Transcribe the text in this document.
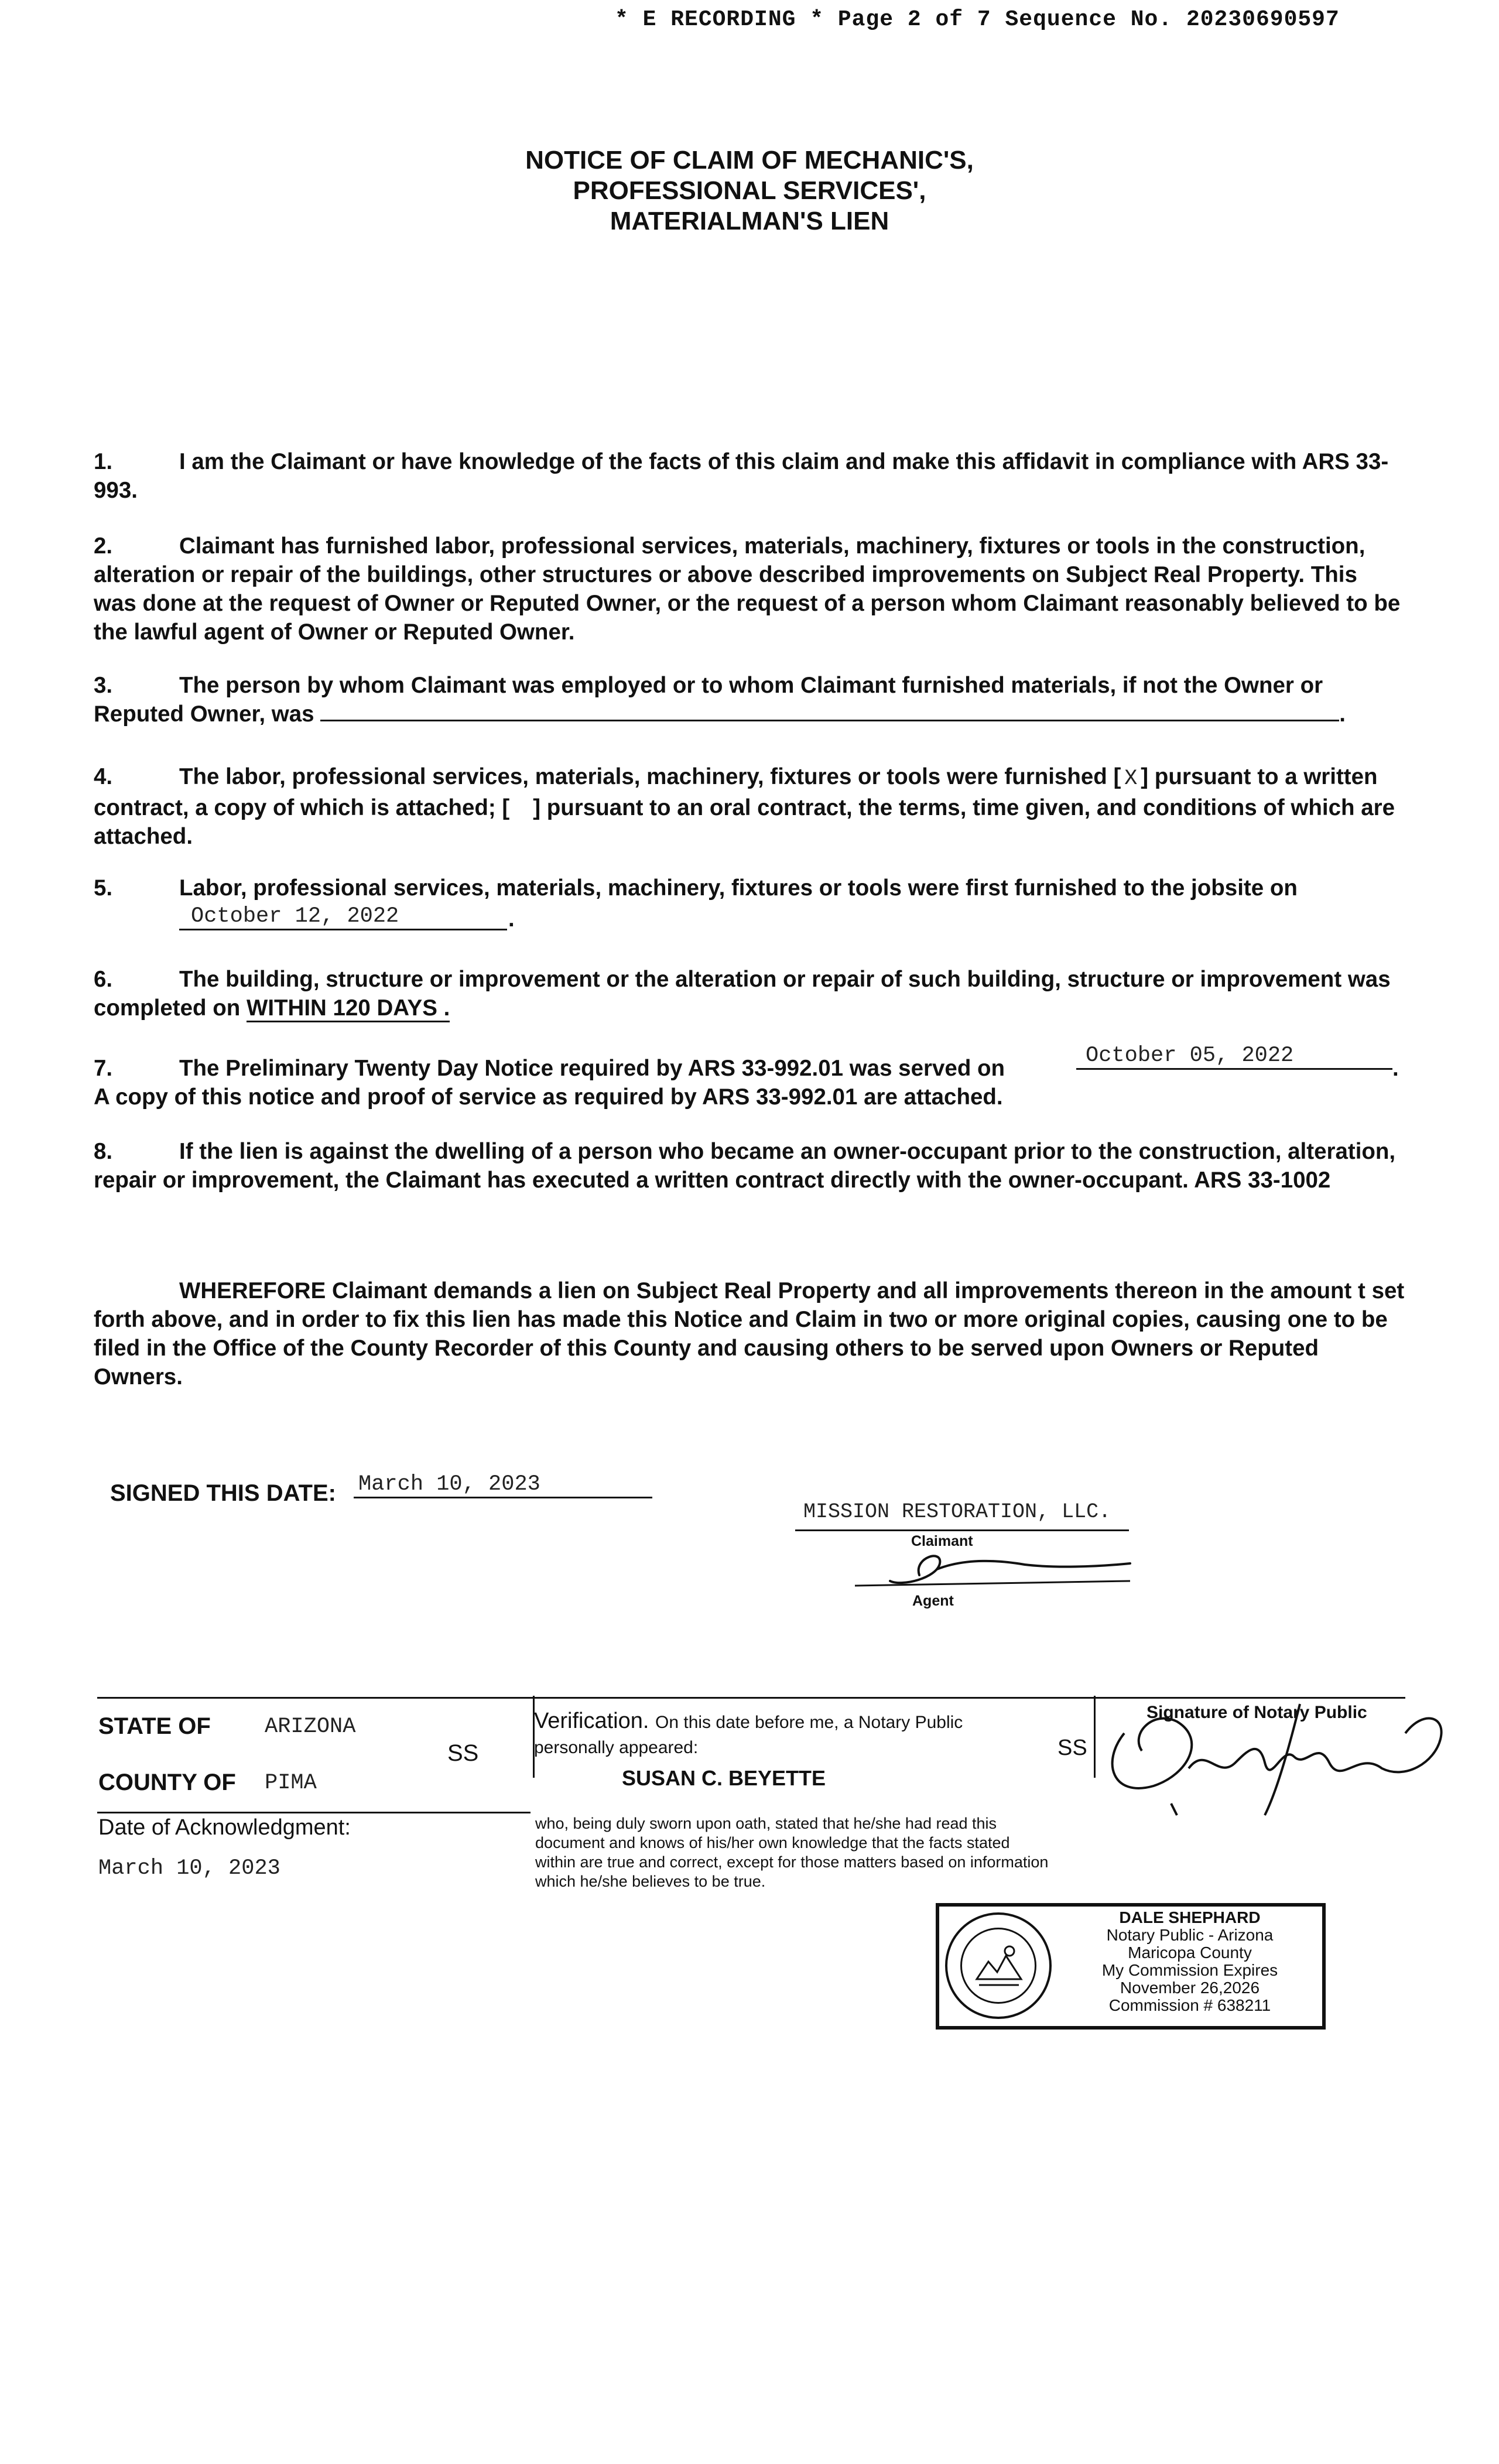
* E RECORDING * Page 2 of 7 Sequence No. 20230690597
NOTICE OF CLAIM OF MECHANIC'S,
PROFESSIONAL SERVICES',
MATERIALMAN'S LIEN
1.	I am the Claimant or have knowledge of the facts of this claim and make this affidavit in compliance with ARS 33-993.
2.	Claimant has furnished labor, professional services, materials, machinery, fixtures or tools in the construction, alteration or repair of the buildings, other structures or above described improvements on Subject Real Property. This was done at the request of Owner or Reputed Owner, or the request of a person whom Claimant reasonably believed to be the lawful agent of Owner or Reputed Owner.
3.	The person by whom Claimant was employed or to whom Claimant furnished materials, if not the Owner or Reputed Owner, was	.
4.	The labor, professional services, materials, machinery, fixtures or tools were furnished [ X ] pursuant to a written contract, a copy of which is attached; [ ] pursuant to an oral contract, the terms, time given, and conditions of which are attached.
5.	Labor, professional services, materials, machinery, fixtures or tools were first furnished to the jobsite on
October 12, 2022	.
6.	The building, structure or improvement or the alteration or repair of such building, structure or improvement was completed on WITHIN 120 DAYS .
7.	The Preliminary Twenty Day Notice required by ARS 33-992.01 was served on	October 05, 2022	.
A copy of this notice and proof of service as required by ARS 33-992.01 are attached.
8.	If the lien is against the dwelling of a person who became an owner-occupant prior to the construction, alteration, repair or improvement, the Claimant has executed a written contract directly with the owner-occupant. ARS 33-1002
WHEREFORE Claimant demands a lien on Subject Real Property and all improvements thereon in the amount t set forth above, and in order to fix this lien has made this Notice and Claim in two or more original copies, causing one to be filed in the Office of the County Recorder of this County and causing others to be served upon Owners or Reputed Owners.
SIGNED THIS DATE: March 10, 2023
MISSION RESTORATION, LLC.
Claimant
Agent
STATE OF ARIZONA
COUNTY OF PIMA
SS
Verification. On this date before me, a Notary Public personally appeared:
SUSAN C. BEYETTE
SS
Date of Acknowledgment:
March 10, 2023
who, being duly sworn upon oath, stated that he/she had read this document and knows of his/her own knowledge that the facts stated within are true and correct, except for those matters based on information which he/she believes to be true.
Signature of Notary Public
DALE SHEPHARD
Notary Public - Arizona
Maricopa County
My Commission Expires
November 26,2026
Commission # 638211
